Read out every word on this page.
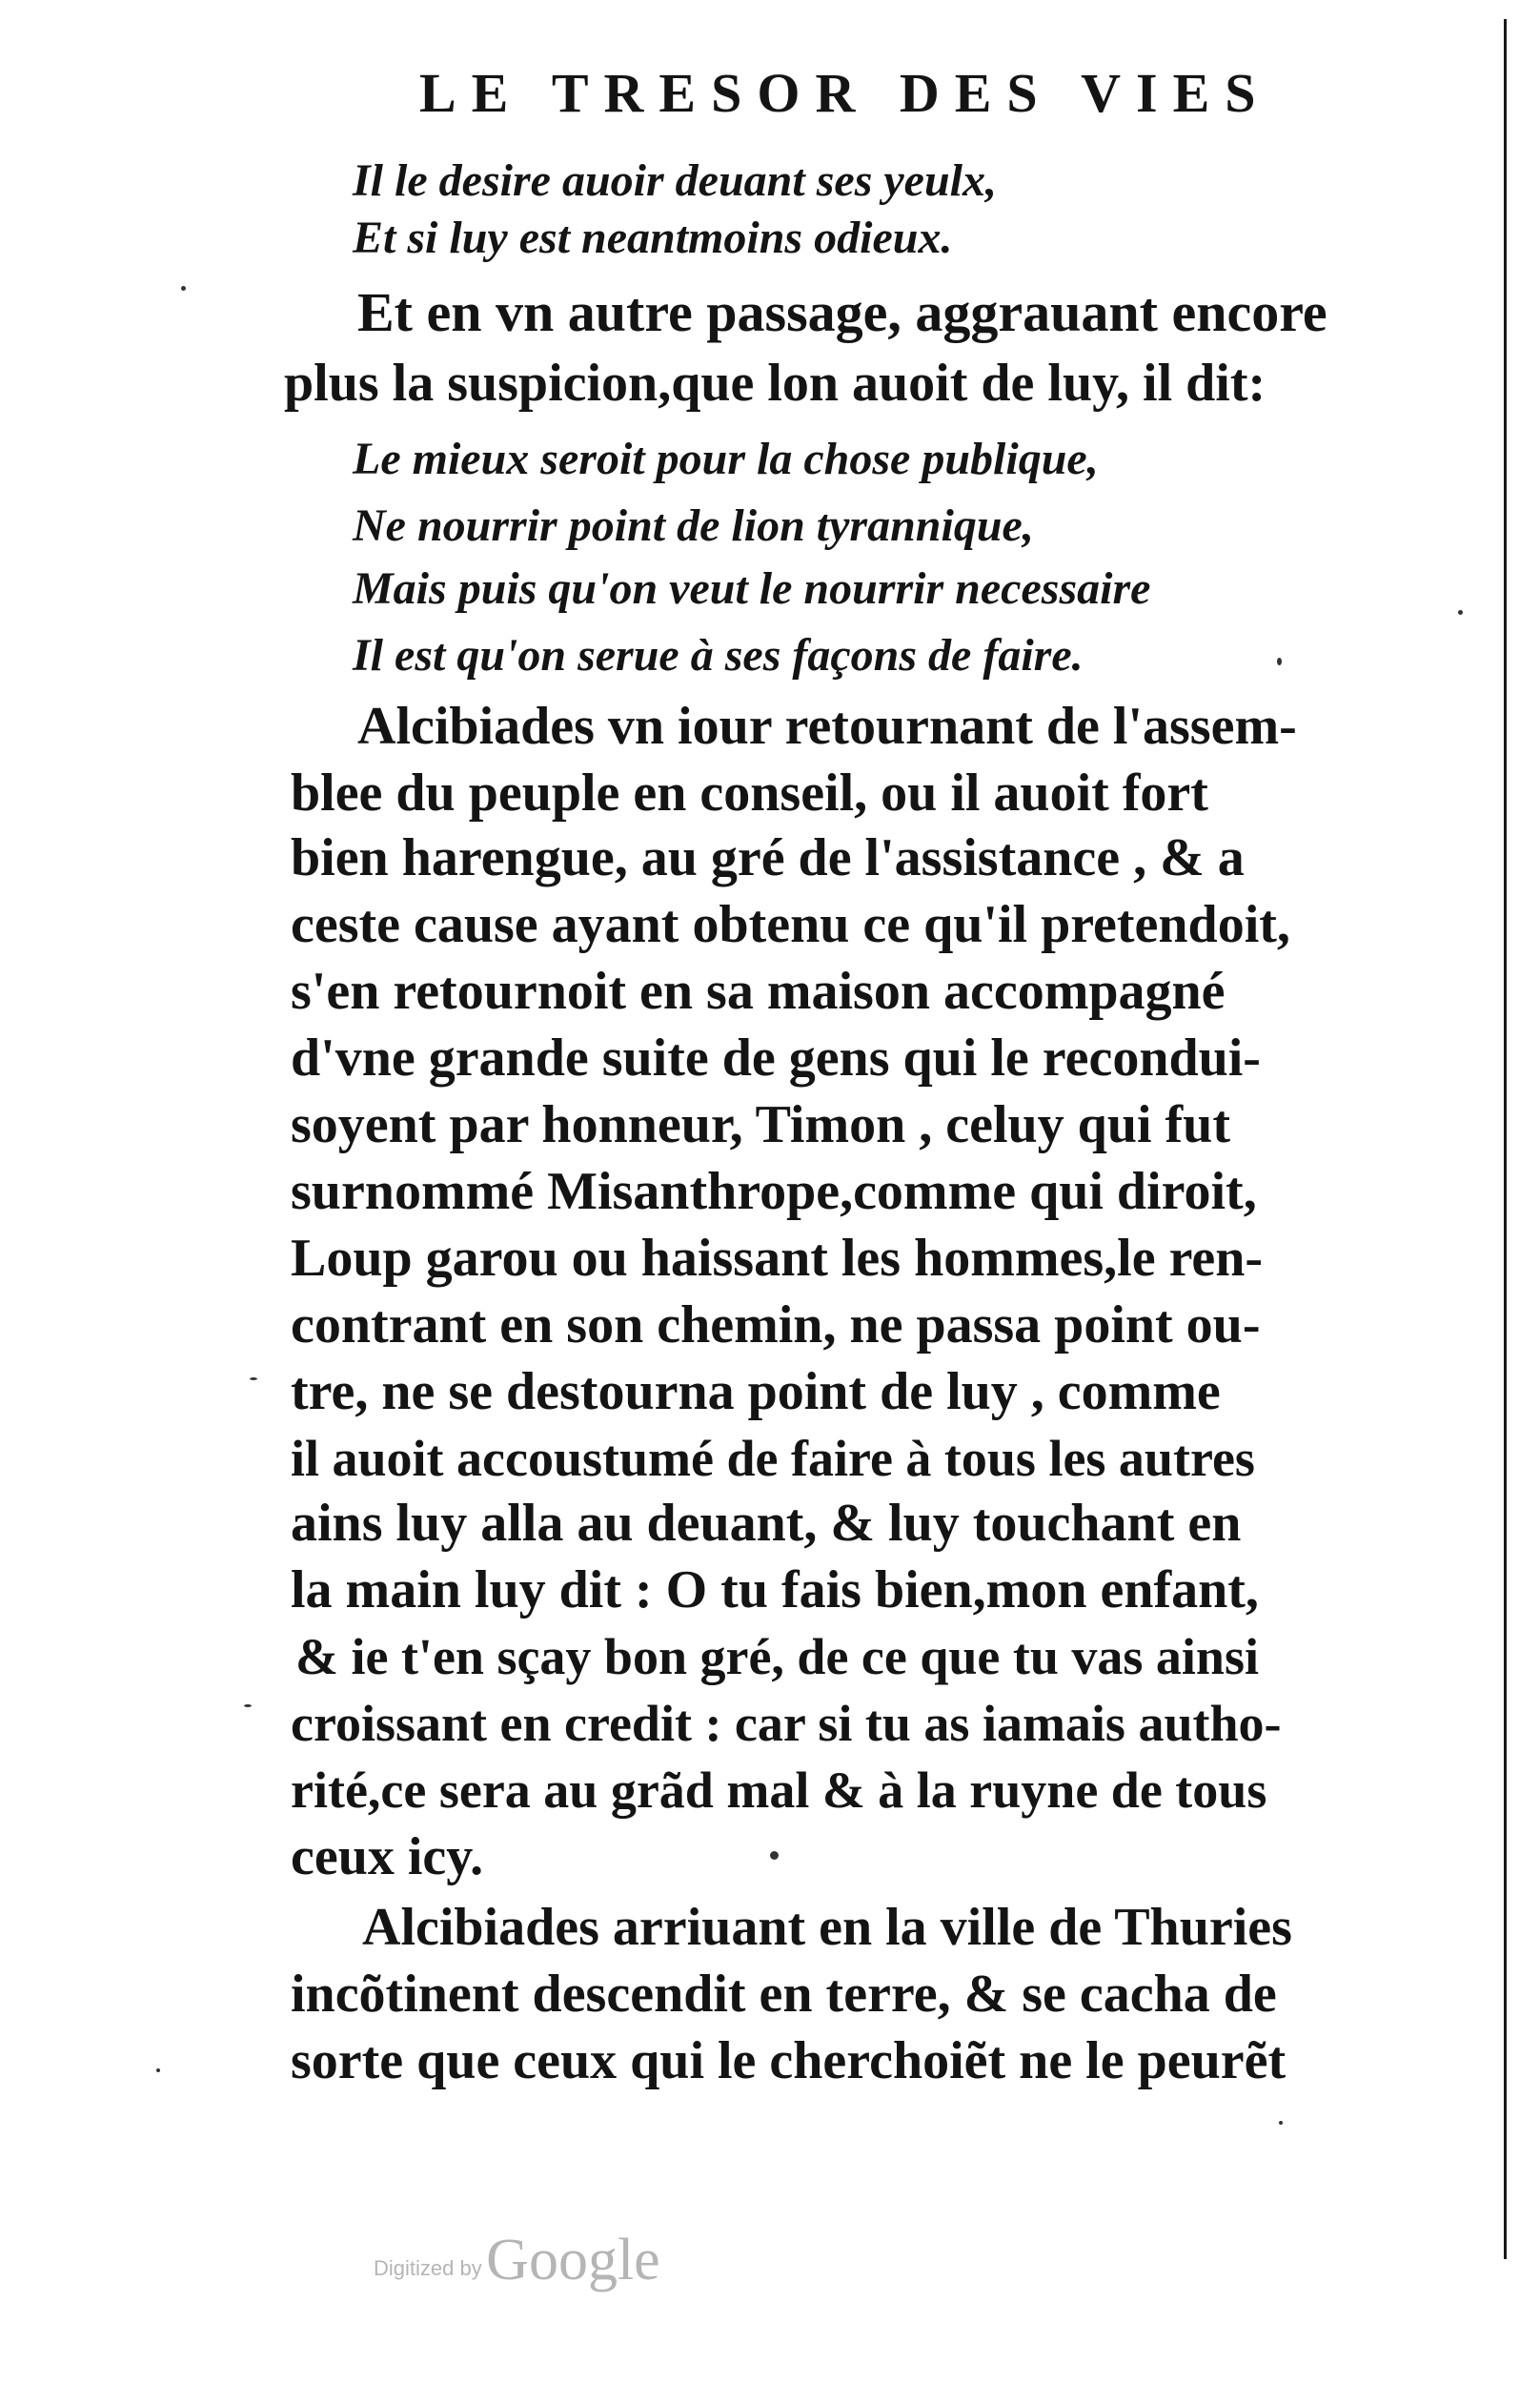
LE TRESOR DES VIES
Il le desire auoir deuant ses yeulx,
Et si luy est neantmoins odieux.
Et en vn autre passage, aggrauant encore
plus la suspicion,que lon auoit de luy, il dit:
Le mieux seroit pour la chose publique,
Ne nourrir point de lion tyrannique,
Mais puis qu'on veut le nourrir necessaire
Il est qu'on serue à ses façons de faire.
Alcibiades vn iour retournant de l'assem-
blee du peuple en conseil, ou il auoit fort
bien harengue, au gré de l'assistance , & a
ceste cause ayant obtenu ce qu'il pretendoit,
s'en retournoit en sa maison accompagné
d'vne grande suite de gens qui le recondui-
soyent par honneur, Timon , celuy qui fut
surnommé Misanthrope,comme qui diroit,
Loup garou ou haissant les hommes,le ren-
contrant en son chemin, ne passa point ou-
tre, ne se destourna point de luy , comme
il auoit accoustumé de faire à tous les autres
ains luy alla au deuant, & luy touchant en
la main luy dit : O tu fais bien,mon enfant,
& ie t'en sçay bon gré, de ce que tu vas ainsi
croissant en credit : car si tu as iamais autho-
rité,ce sera au grãd mal & à la ruyne de tous
ceux icy.
Alcibiades arriuant en la ville de Thuries
incõtinent descendit en terre, & se cacha de
sorte que ceux qui le cherchoiẽt ne le peurẽt
Digitized by Google
